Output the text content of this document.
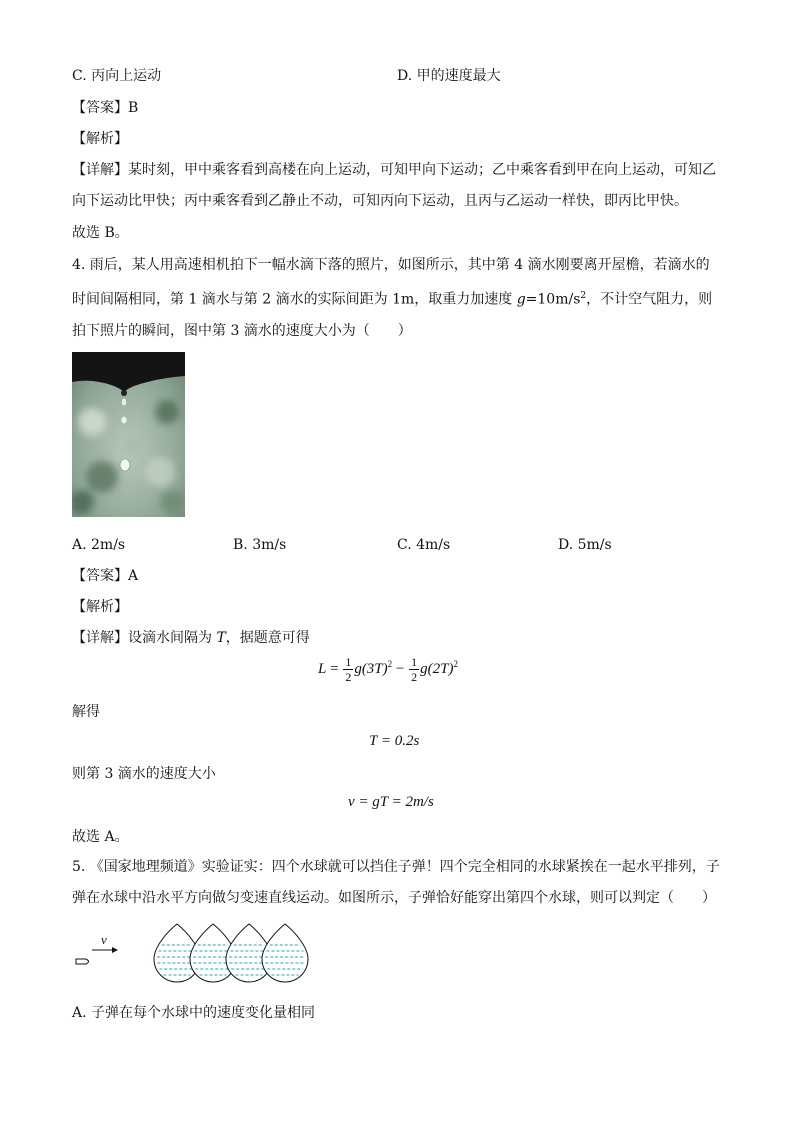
C. 丙向上运动	D. 甲的速度最大
【答案】B
【解析】
【详解】某时刻，甲中乘客看到高楼在向上运动，可知甲向下运动；乙中乘客看到甲在向上运动，可知乙向下运动比甲快；丙中乘客看到乙静止不动，可知丙向下运动，且丙与乙运动一样快，即丙比甲快。
故选 B。
4. 雨后，某人用高速相机拍下一幅水滴下落的照片，如图所示，其中第 4 滴水刚要离开屋檐，若滴水的时间间隔相同，第 1 滴水与第 2 滴水的实际间距为 1m，取重力加速度 $g=10m/s^2$，不计空气阻力，则拍下照片的瞬间，图中第 3 滴水的速度大小为（　　）
A. 2m/s	B. 3m/s	C. 4m/s	D. 5m/s
【答案】A
【解析】
【详解】设滴水间隔为 T，据题意可得
$L = \frac{1}{2} g(3T)^2 - \frac{1}{2} g(2T)^2$
解得
T = 0.2s
则第 3 滴水的速度大小
v = gT = 2m/s
故选 A。
5. 《国家地理频道》实验证实：四个水球就可以挡住子弹！四个完全相同的水球紧挨在一起水平排列，子弹在水球中沿水平方向做匀变速直线运动。如图所示，子弹恰好能穿出第四个水球，则可以判定（　　）
v
A. 子弹在每个水球中的速度变化量相同
